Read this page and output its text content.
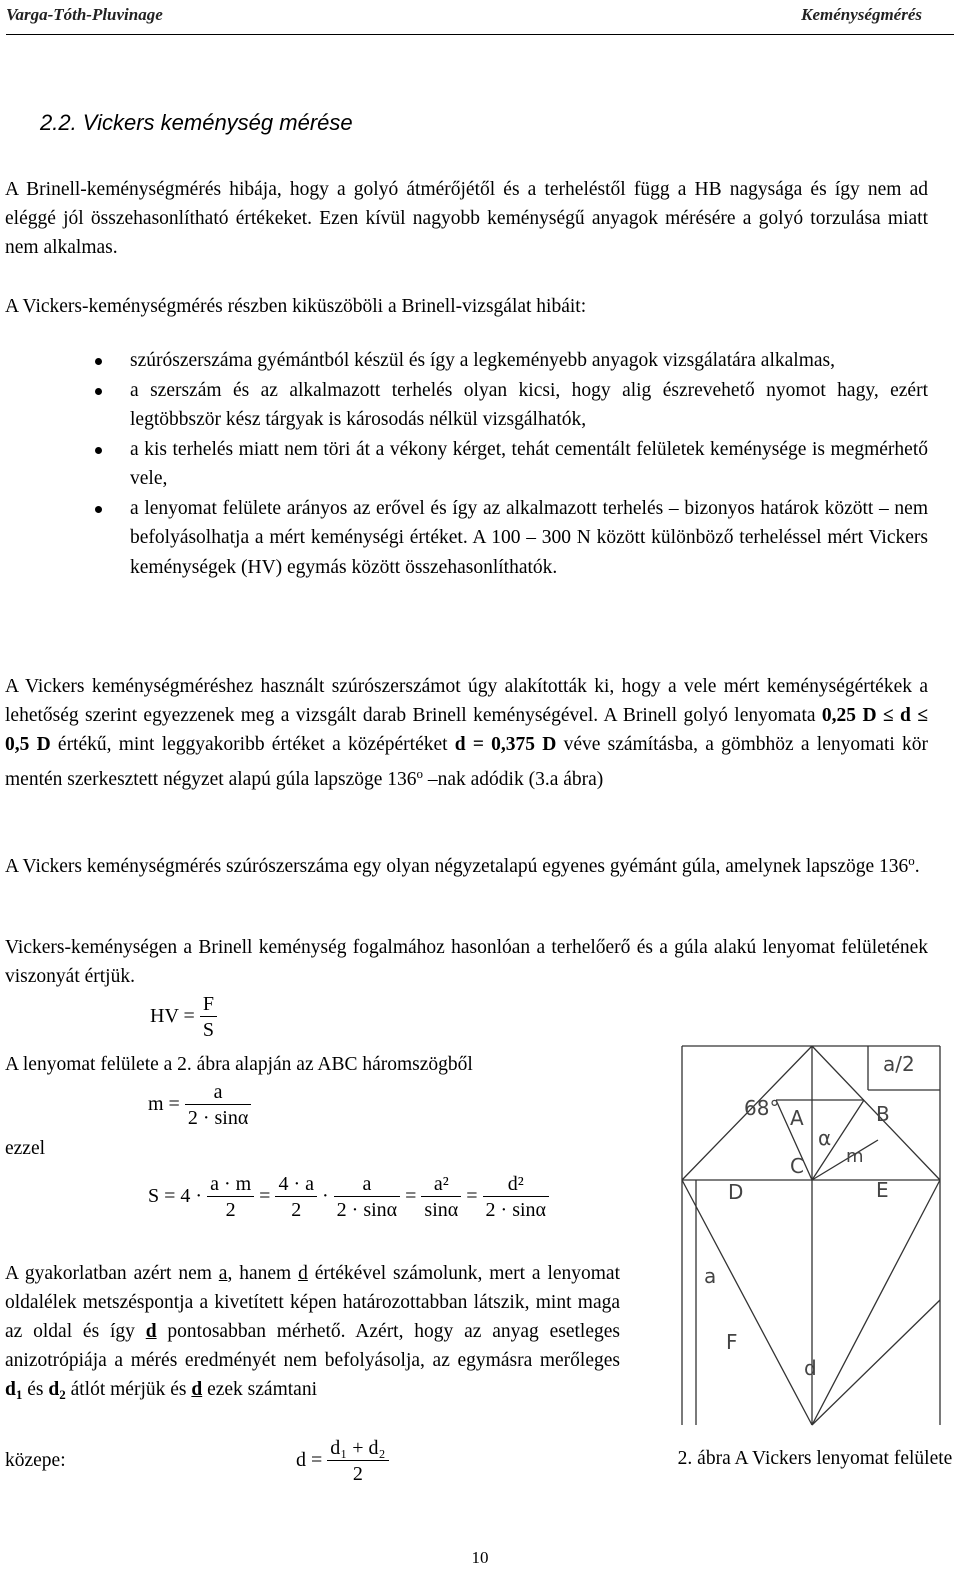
Varga-Tóth-Pluvinage	Keménységmérés
2.2. Vickers keménység mérése

A Brinell-keménységmérés hibája, hogy a golyó átmérőjétől és a terheléstől függ a HB nagysága és így nem ad eléggé jól összehasonlítható értékeket. Ezen kívül nagyobb keménységű anyagok mérésére a golyó torzulása miatt nem alkalmas.

A Vickers-keménységmérés részben kiküszöböli a Brinell-vizsgálat hibáit:

szúrószerszáma gyémántból készül és így a legkeményebb anyagok vizsgálatára alkalmas,
a szerszám és az alkalmazott terhelés olyan kicsi, hogy alig észrevehető nyomot hagy, ezért legtöbbször kész tárgyak is károsodás nélkül vizsgálhatók,
a kis terhelés miatt nem töri át a vékony kérget, tehát cementált felületek keménysége is megmérhető vele,
a lenyomat felülete arányos az erővel és így az alkalmazott terhelés – bizonyos határok között – nem befolyásolhatja a mért keménységi értéket. A 100 – 300 N között különböző terheléssel mért Vickers keménységek (HV) egymás között összehasonlíthatók.

A Vickers keménységméréshez használt szúrószerszámot úgy alakították ki, hogy a vele mért keménységértékek a lehetőség szerint egyezzenek meg a vizsgált darab Brinell keménységével. A Brinell golyó lenyomata 0,25 D ≤ d ≤ 0,5 D értékű, mint leggyakoribb értéket a középértéket d = 0,375 D véve számításba, a gömbhöz a lenyomati kör mentén szerkesztett négyzet alapú gúla lapszöge 136$^o$ –nak adódik (3.a ábra)

A Vickers keménységmérés szúrószerszáma egy olyan négyzetalapú egyenes gyémánt gúla, amelynek lapszöge 136$^o$.

Vickers-keménységen a Brinell keménység fogalmához hasonlóan a terhelőerő és a gúla alakú lenyomat felületének viszonyát értjük.

HV = $\frac{F}{S}$

A lenyomat felülete a 2. ábra alapján az ABC háromszögből

$m = \frac{a}{2 \cdot \sin\alpha}$
ezzel
$S = 4 \cdot \frac{a \cdot m}{2} = \frac{4 \cdot a}{2} \cdot \frac{a}{2 \cdot \sin\alpha} = \frac{\text{a²}}{\sin\alpha} = \frac{\text{d²}}{2 \cdot \sin\alpha}$
A gyakorlatban azért nem a, hanem d értékével számolunk, mert a lenyomat oldalélek metszéspontja a kivetített képen határozottabban látszik, mint maga az oldal és így d pontosabban mérhető. Azért, hogy az anyag esetleges anizotrópiája a mérés eredményét nem befolyásolja, az egymásra merőleges $d_1$ és $d_2$ átlót mérjük és d ezek számtani
közepe:	$d = \frac{\text{d₁ + d₂}}{2}$
a/2
68° A	B
α
m
C
D	E
a
F
d
2. ábra A Vickers lenyomat felülete
10
